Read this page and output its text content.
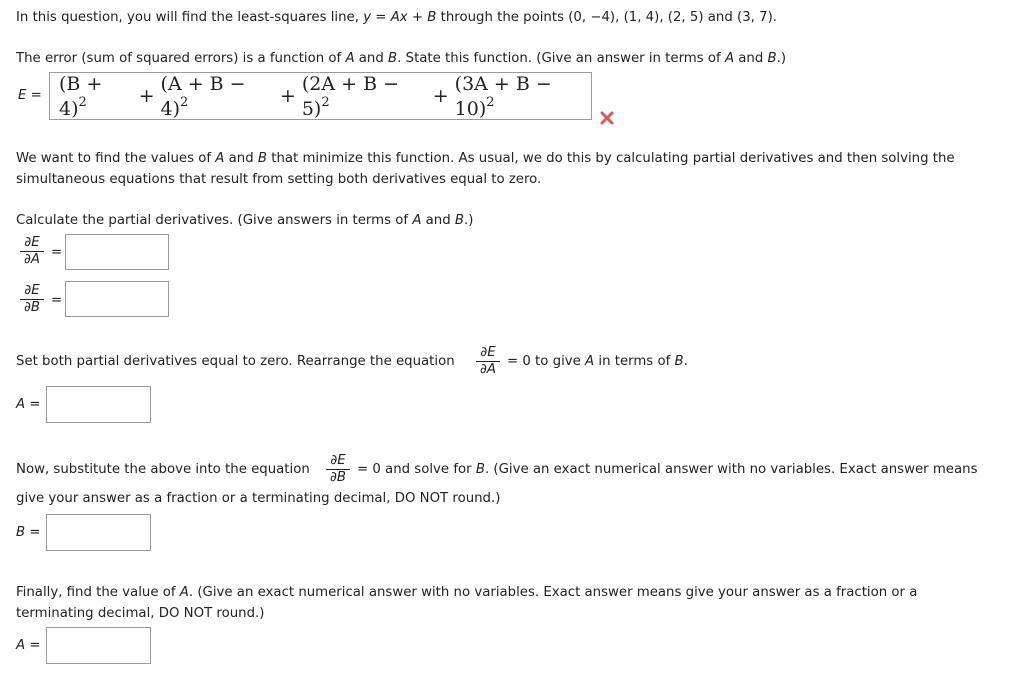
In this question, you will find the least-squares line, y = Ax + B through the points (0, −4), (1, 4), (2, 5) and (3, 7).
The error (sum of squared errors) is a function of A and B. State this function. (Give an answer in terms of A and B.)
E =
$(B + 4)^2$	+
$(A + B - 4)^2$	+
$(2A + B - 5)^2$	+
$(3A + B - 10)^2$
We want to find the values of A and B that minimize this function. As usual, we do this by calculating partial derivatives and then solving the
simultaneous equations that result from setting both derivatives equal to zero.
Calculate the partial derivatives. (Give answers in terms of A and B.)
∂E
∂A =
∂E
∂B =
Set both partial derivatives equal to zero. Rearrange the equation
∂E
∂A
= 0 to give A in terms of B.
A =
Now, substitute the above into the equation
∂E
∂B
= 0 and solve for B. (Give an exact numerical answer with no variables. Exact answer means
give your answer as a fraction or a terminating decimal, DO NOT round.)
B =
Finally, find the value of A. (Give an exact numerical answer with no variables. Exact answer means give your answer as a fraction or a
terminating decimal, DO NOT round.)
A =
